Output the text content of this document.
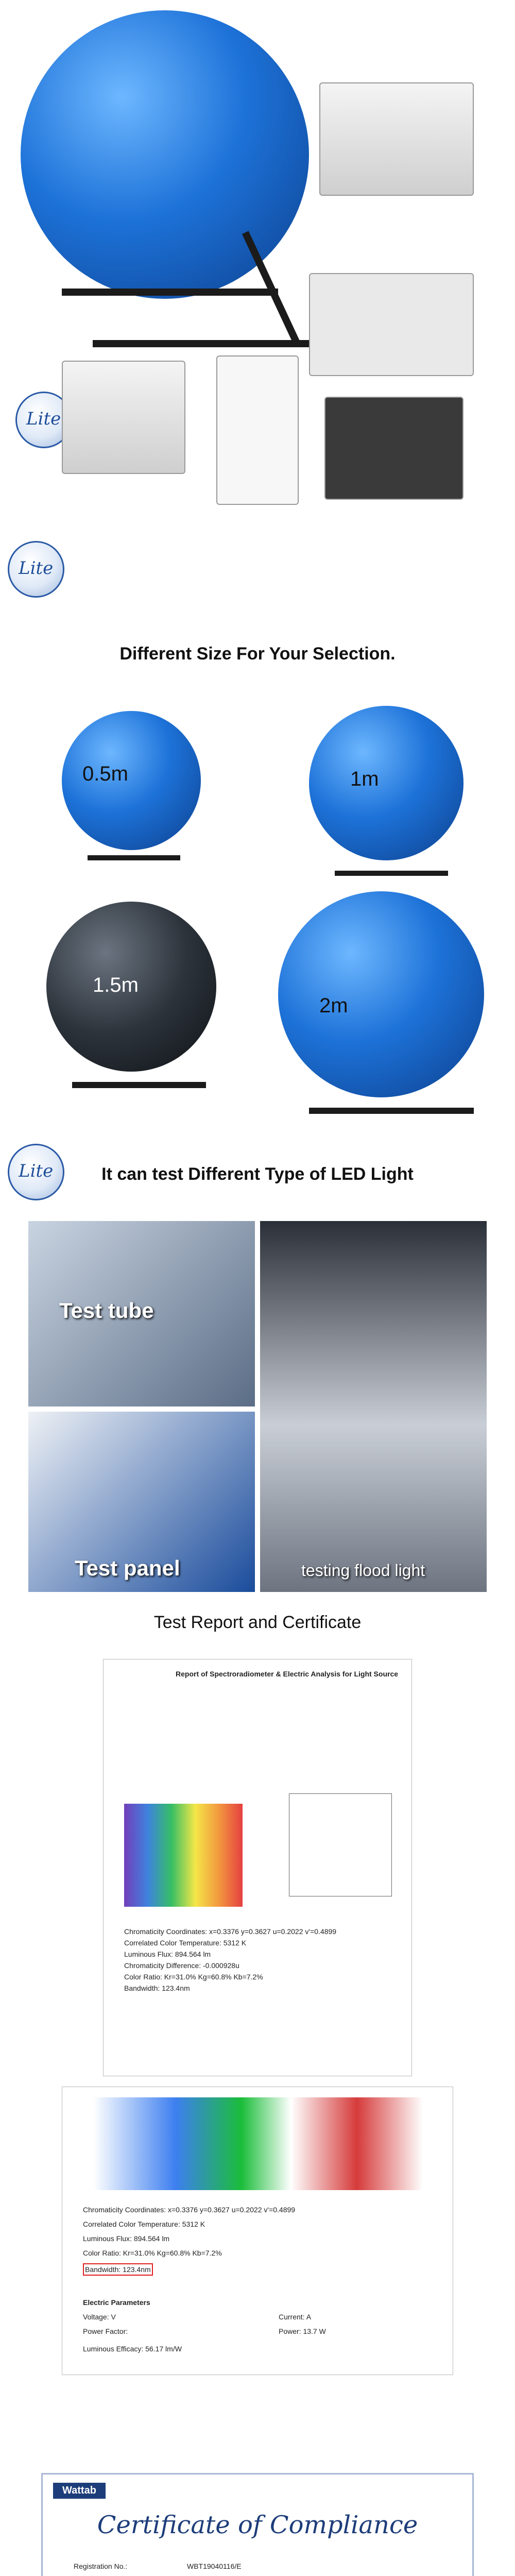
Lite
Lite
Different Size For Your Selection.
0.5m	1m
1.5m
2m
Lite	It can test Different Type of LED Light
Test tube
testing flood light
Test panel
Test Report and Certificate
Report of Spectroradiometer & Electric Analysis for Light Source
Chromaticity Coordinates: x=0.3376 y=0.3627 u=0.2022 v'=0.4899
Correlated Color Temperature: 5312 K
Luminous Flux: 894.564 lm
Chromaticity Difference: -0.000928u
Color Ratio: Kr=31.0% Kg=60.8% Kb=7.2%
Bandwidth: 123.4nm
Chromaticity Coordinates: x=0.3376 y=0.3627 u=0.2022 v'=0.4899
Correlated Color Temperature: 5312 K
Luminous Flux: 894.564 lm
Color Ratio: Kr=31.0% Kg=60.8% Kb=7.2%
Bandwidth: 123.4nm
Electric Parameters
Voltage: V	Current: A
Power Factor:	Power: 13.7 W
Luminous Efficacy: 56.17 lm/W
Wattab
Certificate of Compliance
Registration No.:	WBT19040116/E
